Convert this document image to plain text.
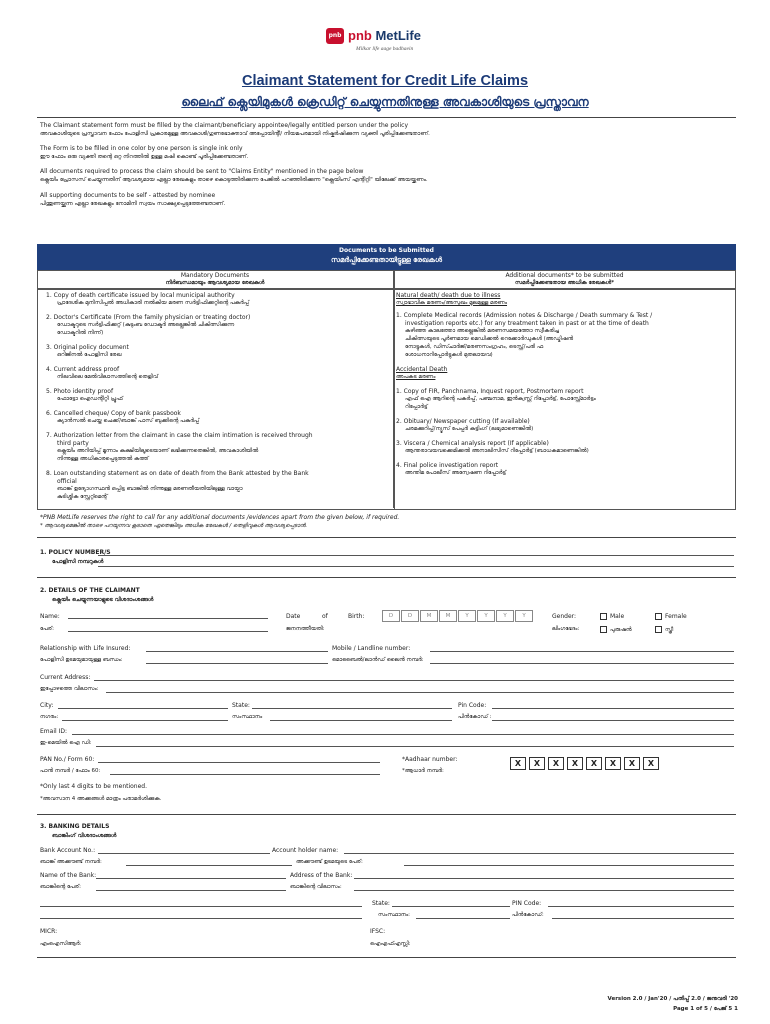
pnb pnb MetLife
Milkar life aage badhaein
Claimant Statement for Credit Life Claims
ലൈഫ് ക്ലെയിമുകൾ ക്രെഡിറ്റ് ചെയ്യുന്നതിനുള്ള അവകാശിയുടെ പ്രസ്താവന
The Claimant statement form must be filled by the claimant/beneficiary appointee/legally entitled person under the policy
അവകാശിയുടെ പ്രസ്താവന ഫോം പോളിസി പ്രകാരമുള്ള അവകാശി/ഗുണഭോക്താവ് അപ്പോയിന്റീ/ നിയമപരമായി നിഷ്കർഷിക്കുന്ന വ്യക്തി പൂരിപ്പിക്കേണ്ടതാണ്.
The Form is to be filled in one color by one person is single ink only
ഈ ഫോം ഒരു വ്യക്തി തന്റെ ഒറ്റ നിറത്തിൽ ഉള്ള മഷി കൊണ്ട് പൂരിപ്പിക്കേണ്ടതാണ്.
All documents required to process the claim should be sent to "Claims Entity" mentioned in the page below
ക്ലെയിം പ്രോസസ് ചെയ്യുന്നതിന് ആവശ്യമായ എല്ലാ രേഖകളും താഴെ കൊടുത്തിരിക്കുന്ന പേജിൽ പറഞ്ഞിരിക്കുന്ന "ക്ലെയിംസ് എന്റിറ്റി" യിലേക്ക് അയയ്ക്കണം.
All supporting documents to be self - attested by nominee
പിന്തുണയ്ക്കുന്ന എല്ലാ രേഖകളും നോമിനി സ്വയം സാക്ഷ്യപ്പെടുത്തേണ്ടതാണ്.
Documents to be Submitted
സമർപ്പിക്കേണ്ടതായിട്ടുള്ള രേഖകൾ
Mandatory Documents
നിർബന്ധമായും ആവശ്യമായ രേഖകൾ
Additional documents* to be submitted
സമർപ്പിക്കേണ്ടതായ അധിക രേഖകൾ*
1. Copy of death certificate issued by local municipal authority
പ്രാദേശിക മുനിസിപ്പൽ അധികാരി നൽകിയ മരണ സർട്ടിഫിക്കറ്റിന്റെ പകർപ്പ്
2. Doctor's Certificate (From the family physician or treating doctor)
ഡോക്ടറുടെ സർട്ടിഫിക്കറ്റ് (കുടുംബ ഡോക്ടർ അല്ലെങ്കിൽ ചികിത്സിക്കുന്ന
ഡോക്ടറിൽ നിന്ന്)
3. Original policy document
ഒറിജിനൽ പോളിസി രേഖ
4. Current address proof
നിലവിലെ മേൽവിലാസത്തിന്റെ തെളിവ്
5. Photo identity proof
ഫോട്ടോ ഐഡന്റിറ്റി പ്രൂഫ്
6. Cancelled cheque/ Copy of bank passbook
ക്യാൻസൽ ചെയ്ത ചെക്ക്/ബാങ്ക് പാസ് ബുക്കിന്റെ പകർപ്പ്
7. Authorization letter from the claimant in case the claim intimation is received through
third party
ക്ലെയിം അറിയിപ്പ് മൂന്നാം കക്ഷിയിലൂടെയാണ് ലഭിക്കുന്നതെങ്കിൽ, അവകാശിയിൽ
നിന്നുള്ള അധികാരപ്പെടുത്തൽ കത്ത്
8. Loan outstanding statement as on date of death from the Bank attested by the Bank
official
ബാങ്ക് ഉദ്യോഗസ്ഥൻ ഒപ്പിട്ട ബാങ്കിൽ നിന്നുള്ള മരണതീയതിയിലുള്ള വായ്പാ
കുടിശ്ശിക സ്റ്റേറ്റ്മെന്റ്
Natural death/ death due to illness
സ്വാഭാവിക മരണം/അസുഖം മൂലമുള്ള മരണം
1. Complete Medical records (Admission notes & Discharge / Death summary & Test /
investigation reports etc.) for any treatment taken in past or at the time of death
കഴിഞ്ഞ കാലത്തോ അല്ലെങ്കിൽ മരണസമയത്തോ സ്വീകരിച്ച
ചികിത്സയുടെ പൂർണമായ മെഡിക്കൽ റെക്കോർഡുകൾ (അഡ്മിഷൻ
നോട്ടുകൾ, ഡിസ്ചാർജ്/മരണസംഗ്രഹം, ടെസ്റ്റ്/പരി ഫ
ശോധനാറിപ്പോർട്ടുകൾ മുതലായവ)
Accidental Death
അപകട മരണം
1. Copy of FIR, Panchnama, Inquest report, Postmortem report
എഫ് ഐ ആറിന്റെ പകർപ്പ്, പഞ്ചനാമ, ഇൻക്വസ്റ്റ് റിപ്പോർട്ട്, പോസ്റ്റ്മോർട്ടം
റിപ്പോർട്ട്
2. Obituary/ Newspaper cutting (If available)
ചരമക്കുറിപ്പ്/ന്യൂസ് പേപ്പർ കട്ടിംഗ് (ലഭ്യമാണെങ്കിൽ)
3. Viscera / Chemical analysis report (If applicable)
ആന്തരാവയവക്കെമിക്കൽ അനാലിസിസ് റിപ്പോർട്ട് (ബാധകമാണെങ്കിൽ)
4. Final police investigation report
അന്തിമ പോലീസ് അന്വേഷണ റിപ്പോർട്ട്
*PNB MetLife reserves the right to call for any additional documents /evidences apart from the given below, if required.
* ആവശ്യമെങ്കിൽ താഴെ പറയുന്നവ കൂടാതെ ഏതെങ്കിലും അധിക രേഖകൾ / തെളിവുകൾ ആവശ്യപ്പെടാൻ.
1. POLICY NUMBER/S
പോളിസി നമ്പറുകൾ
2. DETAILS OF THE CLAIMANT
ക്ലെയിം ചെയ്യുന്നയാളുടെ വിശദാംശങ്ങൾ
Name:
പേര്:
Date	of	Birth:
ജനനത്തീയതി:
D	D	M	M	Y	Y	Y	Y	Gender:
ലിംഗഭേദം:
Male	Female
പുരുഷൻ	സ്ത്രീ
Relationship with Life Insured:	Mobile / Landline number:
പോളിസി ഉടമയുമായുള്ള ബന്ധം:	മൊബൈൽ/ലാൻഡ് ലൈൻ നമ്പർ:
Current Address:
ഇപ്പോഴത്തെ വിലാസം:
City:	State:	Pin Code:
നഗരം:	സംസ്ഥാനം	പിൻകോഡ് :
Email ID:
ഇ-മെയിൽ ഐ ഡി:
PAN No./ Form 60:
പാൻ നമ്പർ / ഫോം 60:
*Aadhaar number:
*ആധാർ നമ്പർ:
X	X	X	X	X	X	X	X
*Only last 4 digits to be mentioned.
*അവസാന 4 അക്കങ്ങൾ മാത്രം പരാമർശിക്കുക.
3. BANKING DETAILS
ബാങ്കിംഗ് വിശദാംശങ്ങൾ
Bank Account No.:	Account holder name:
ബാങ്ക് അക്കൗണ്ട് നമ്പർ:	അക്കൗണ്ട് ഉടമയുടെ പേര്:
Name of the Bank:	Address of the Bank:
ബാങ്കിന്റെ പേര്:	ബാങ്കിന്റെ വിലാസം:
State:	PIN Code:
സംസ്ഥാനം:	പിൻകോഡ്:
MICR:	IFSC:
എംഐസിആർ:	ഐഎഫ്എസ്സി:
Version 2.0 / Jan'20 / പതിപ്പ് 2.0 / ജനുവരി '20
Page 1 of 5 / പേജ് 5 1
